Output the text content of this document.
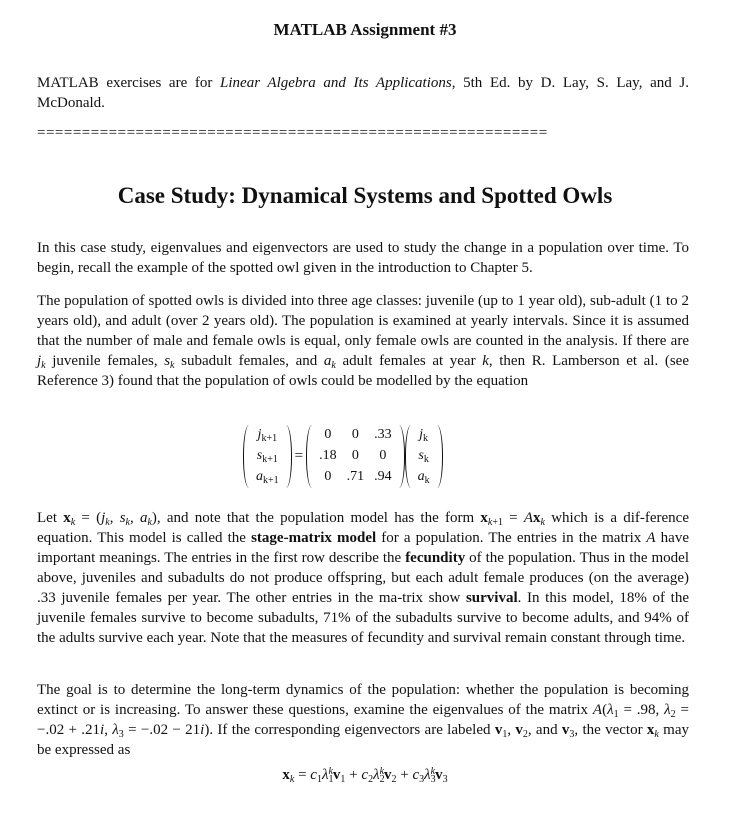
MATLAB Assignment #3
MATLAB exercises are for Linear Algebra and Its Applications, 5th Ed. by D. Lay, S. Lay, and J. McDonald.
=========================================================
Case Study: Dynamical Systems and Spotted Owls
In this case study, eigenvalues and eigenvectors are used to study the change in a population over time. To begin, recall the example of the spotted owl given in the introduction to Chapter 5.
The population of spotted owls is divided into three age classes: juvenile (up to 1 year old), sub-adult (1 to 2 years old), and adult (over 2 years old). The population is examined at yearly intervals. Since it is assumed that the number of male and female owls is equal, only female owls are counted in the analysis. If there are $j_k$ juvenile females, $s_k$ subadult females, and $a_k$ adult females at year k, then R. Lamberson et al. (see Reference 3) found that the population of owls could be modelled by the equation
$j_{k+1}$
$s_{k+1}$
$a_{k+1}$
=
0	0	.33
.18	0	0
0	.71	.94
$j_k$
$s_k$
$a_k$
Let $x_k = (j_k$, $s_k$, $a_k$), and note that the population model has the form $x_{k+1} = Ax_k$ which is a dif-ference equation. This model is called the stage-matrix model for a population. The entries in the matrix A have important meanings. The entries in the first row describe the fecundity of the population. Thus in the model above, juveniles and subadults do not produce offspring, but each adult female produces (on the average) .33 juvenile females per year. The other entries in the ma-trix show survival. In this model, 18% of the juvenile females survive to become subadults, 71% of the subadults survive to become adults, and 94% of the adults survive each year. Note that the measures of fecundity and survival remain constant through time.
The goal is to determine the long-term dynamics of the population: whether the population is becoming extinct or is increasing. To answer these questions, examine the eigenvalues of the matrix $A(\lambda_1 = .98$, $\lambda_2 = -.02 + .21i$, $\lambda_3 = -.02 - 21i$). If the corresponding eigenvectors are labeled $v_1$, $v_2$, and $v_3$, the vector $x_k$ may be expressed as
$x_k = c_1\lambda_1^kv_1 + c_2\lambda_2^kv_2 + c_3\lambda_3^kv_3$
